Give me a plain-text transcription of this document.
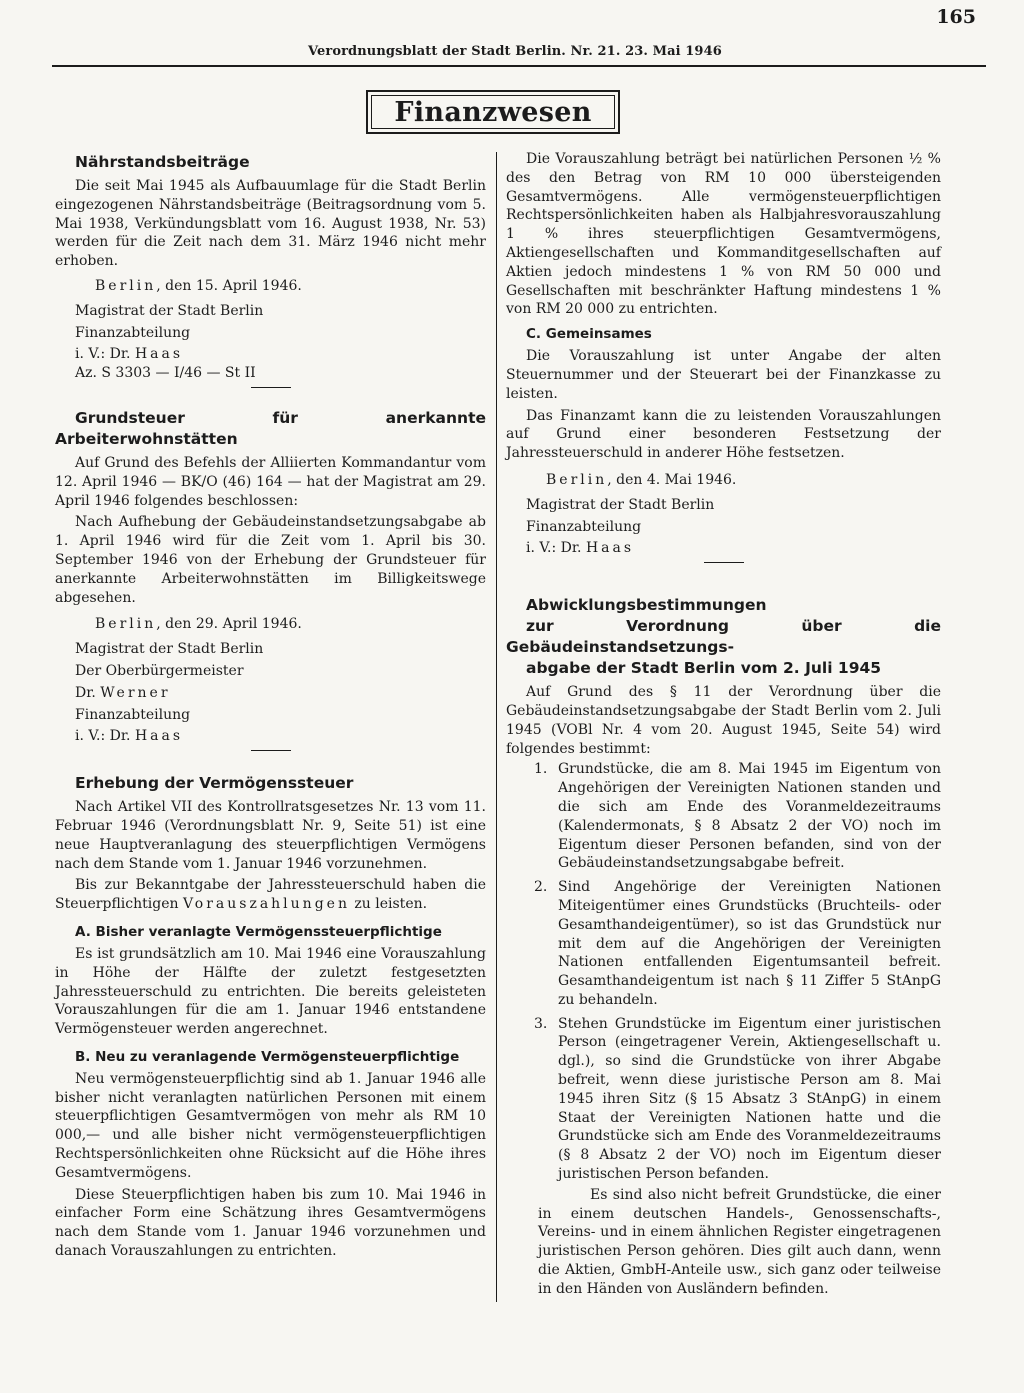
Verordnungsblatt der Stadt Berlin. Nr. 21. 23. Mai 1946
165
Finanzwesen

Nährstandsbeiträge

Die seit Mai 1945 als Aufbauumlage für die Stadt Berlin eingezogenen Nährstandsbeiträge (Beitragsordnung vom 5. Mai 1938, Verkündungsblatt vom 16. August 1938, Nr. 53) werden für die Zeit nach dem 31. März 1946 nicht mehr erhoben.

Berlin, den 15. April 1946.

Magistrat der Stadt Berlin

Finanzabteilung

i. V.: Dr. Haas

Az. S 3303 — I/46 — St II

Grundsteuer für anerkannte Arbeiterwohnstätten

Auf Grund des Befehls der Alliierten Kommandantur vom 12. April 1946 — BK/O (46) 164 — hat der Magistrat am 29. April 1946 folgendes beschlossen:

Nach Aufhebung der Gebäudeinstandsetzungsabgabe ab 1. April 1946 wird für die Zeit vom 1. April bis 30. September 1946 von der Erhebung der Grundsteuer für anerkannte Arbeiterwohnstätten im Billigkeitswege abgesehen.

Berlin, den 29. April 1946.

Magistrat der Stadt Berlin

Der Oberbürgermeister

Dr. Werner

Finanzabteilung

i. V.: Dr. Haas

Erhebung der Vermögenssteuer

Nach Artikel VII des Kontrollratsgesetzes Nr. 13 vom 11. Februar 1946 (Verordnungsblatt Nr. 9, Seite 51) ist eine neue Hauptveranlagung des steuerpflichtigen Vermögens nach dem Stande vom 1. Januar 1946 vorzunehmen.

Bis zur Bekanntgabe der Jahressteuerschuld haben die Steuerpflichtigen Vorauszahlungen zu leisten.

A. Bisher veranlagte Vermögenssteuerpflichtige

Es ist grundsätzlich am 10. Mai 1946 eine Vorauszahlung in Höhe der Hälfte der zuletzt festgesetzten Jahressteuerschuld zu entrichten. Die bereits geleisteten Vorauszahlungen für die am 1. Januar 1946 entstandene Vermögensteuer werden angerechnet.

B. Neu zu veranlagende Vermögensteuerpflichtige

Neu vermögensteuerpflichtig sind ab 1. Januar 1946 alle bisher nicht veranlagten natürlichen Personen mit einem steuerpflichtigen Gesamtvermögen von mehr als RM 10 000,— und alle bisher nicht vermögensteuerpflichtigen Rechtspersönlichkeiten ohne Rücksicht auf die Höhe ihres Gesamtvermögens.

Diese Steuerpflichtigen haben bis zum 10. Mai 1946 in einfacher Form eine Schätzung ihres Gesamtvermögens nach dem Stande vom 1. Januar 1946 vorzunehmen und danach Vorauszahlungen zu entrichten.

Die Vorauszahlung beträgt bei natürlichen Personen ½ % des den Betrag von RM 10 000 übersteigenden Gesamtvermögens. Alle vermögensteuerpflichtigen Rechtspersönlichkeiten haben als Halbjahresvorauszahlung 1 % ihres steuerpflichtigen Gesamtvermögens, Aktiengesellschaften und Kommanditgesellschaften auf Aktien jedoch mindestens 1 % von RM 50 000 und Gesellschaften mit beschränkter Haftung mindestens 1 % von RM 20 000 zu entrichten.

C. Gemeinsames

Die Vorauszahlung ist unter Angabe der alten Steuernummer und der Steuerart bei der Finanzkasse zu leisten.

Das Finanzamt kann die zu leistenden Vorauszahlungen auf Grund einer besonderen Festsetzung der Jahressteuerschuld in anderer Höhe festsetzen.

Berlin, den 4. Mai 1946.

Magistrat der Stadt Berlin

Finanzabteilung

i. V.: Dr. Haas

Abwicklungsbestimmungen

zur Verordnung über die Gebäudeinstandsetzungs-

abgabe der Stadt Berlin vom 2. Juli 1945

Auf Grund des § 11 der Verordnung über die Gebäudeinstandsetzungsabgabe der Stadt Berlin vom 2. Juli 1945 (VOBl Nr. 4 vom 20. August 1945, Seite 54) wird folgendes bestimmt:

1. Grundstücke, die am 8. Mai 1945 im Eigentum von Angehörigen der Vereinigten Nationen standen und die sich am Ende des Voranmeldezeitraums (Kalendermonats, § 8 Absatz 2 der VO) noch im Eigentum dieser Personen befanden, sind von der Gebäudeinstandsetzungsabgabe befreit.
2. Sind Angehörige der Vereinigten Nationen Miteigentümer eines Grundstücks (Bruchteils- oder Gesamthandeigentümer), so ist das Grundstück nur mit dem auf die Angehörigen der Vereinigten Nationen entfallenden Eigentumsanteil befreit. Gesamthandeigentum ist nach § 11 Ziffer 5 StAnpG zu behandeln.
3. Stehen Grundstücke im Eigentum einer juristischen Person (eingetragener Verein, Aktiengesellschaft u. dgl.), so sind die Grundstücke von ihrer Abgabe befreit, wenn diese juristische Person am 8. Mai 1945 ihren Sitz (§ 15 Absatz 3 StAnpG) in einem Staat der Vereinigten Nationen hatte und die Grundstücke sich am Ende des Voranmeldezeitraums (§ 8 Absatz 2 der VO) noch im Eigentum dieser juristischen Person befanden.

Es sind also nicht befreit Grundstücke, die einer in einem deutschen Handels-, Genossenschafts-, Vereins- und in einem ähnlichen Register eingetragenen juristischen Person gehören. Dies gilt auch dann, wenn die Aktien, GmbH-Anteile usw., sich ganz oder teilweise in den Händen von Ausländern befinden.
